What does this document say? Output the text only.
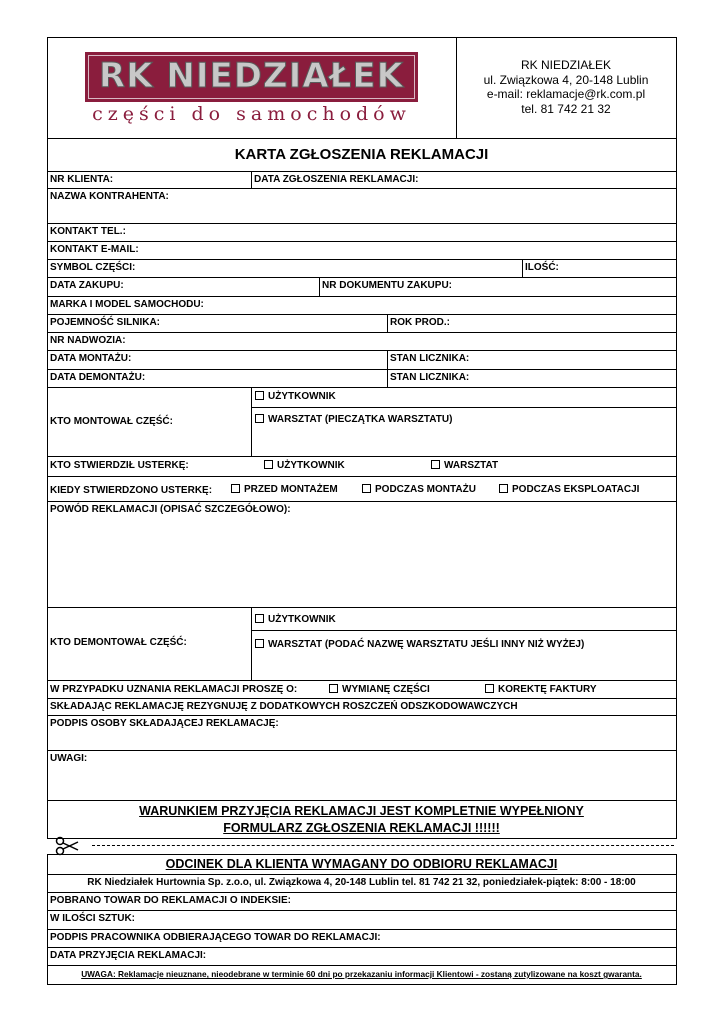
RK NIEDZIAŁEK
części do samochodów
RK NIEDZIAŁEK
ul. Związkowa 4, 20-148 Lublin
e-mail: reklamacje@rk.com.pl
tel. 81 742 21 32
KARTA ZGŁOSZENIA REKLAMACJI
NR KLIENTA:	DATA ZGŁOSZENIA REKLAMACJI:
NAZWA KONTRAHENTA:
KONTAKT TEL.:
KONTAKT E-MAIL:
SYMBOL CZĘŚCI:	ILOŚĆ:
DATA ZAKUPU:	NR DOKUMENTU ZAKUPU:
MARKA I MODEL SAMOCHODU:
POJEMNOŚĆ SILNIKA:	ROK PROD.:
NR NADWOZIA:
DATA MONTAŻU:	STAN LICZNIKA:
DATA DEMONTAŻU:	STAN LICZNIKA:
KTO MONTOWAŁ CZĘŚĆ:
UŻYTKOWNIK
WARSZTAT (PIECZĄTKA WARSZTATU)
KTO STWIERDZIŁ USTERKĘ:	UŻYTKOWNIK	WARSZTAT
KIEDY STWIERDZONO USTERKĘ:	PRZED MONTAŻEM	PODCZAS MONTAŻU	PODCZAS EKSPLOATACJI
POWÓD REKLAMACJI (OPISAĆ SZCZEGÓŁOWO):
KTO DEMONTOWAŁ CZĘŚĆ:
UŻYTKOWNIK
WARSZTAT (PODAĆ NAZWĘ WARSZTATU JEŚLI INNY NIŻ WYŻEJ)
W PRZYPADKU UZNANIA REKLAMACJI PROSZĘ O:	WYMIANĘ CZĘŚCI	KOREKTĘ FAKTURY
SKŁADAJĄC REKLAMACJĘ REZYGNUJĘ Z DODATKOWYCH ROSZCZEŃ ODSZKODOWAWCZYCH
PODPIS OSOBY SKŁADAJĄCEJ REKLAMACJĘ:
UWAGI:
WARUNKIEM PRZYJĘCIA REKLAMACJI JEST KOMPLETNIE WYPEŁNIONY
FORMULARZ ZGŁOSZENIA REKLAMACJI !!!!!!
ODCINEK DLA KLIENTA WYMAGANY DO ODBIORU REKLAMACJI
RK Niedziałek Hurtownia Sp. z.o.o, ul. Związkowa 4, 20-148 Lublin tel. 81 742 21 32, poniedziałek-piątek: 8:00 - 18:00
POBRANO TOWAR DO REKLAMACJI O INDEKSIE:
W ILOŚCI SZTUK:
PODPIS PRACOWNIKA ODBIERAJĄCEGO TOWAR DO REKLAMACJI:
DATA PRZYJĘCIA REKLAMACJI:
UWAGA: Reklamacje nieuznane, nieodebrane w terminie 60 dni po przekazaniu informacji Klientowi - zostaną zutylizowane na koszt gwaranta.
